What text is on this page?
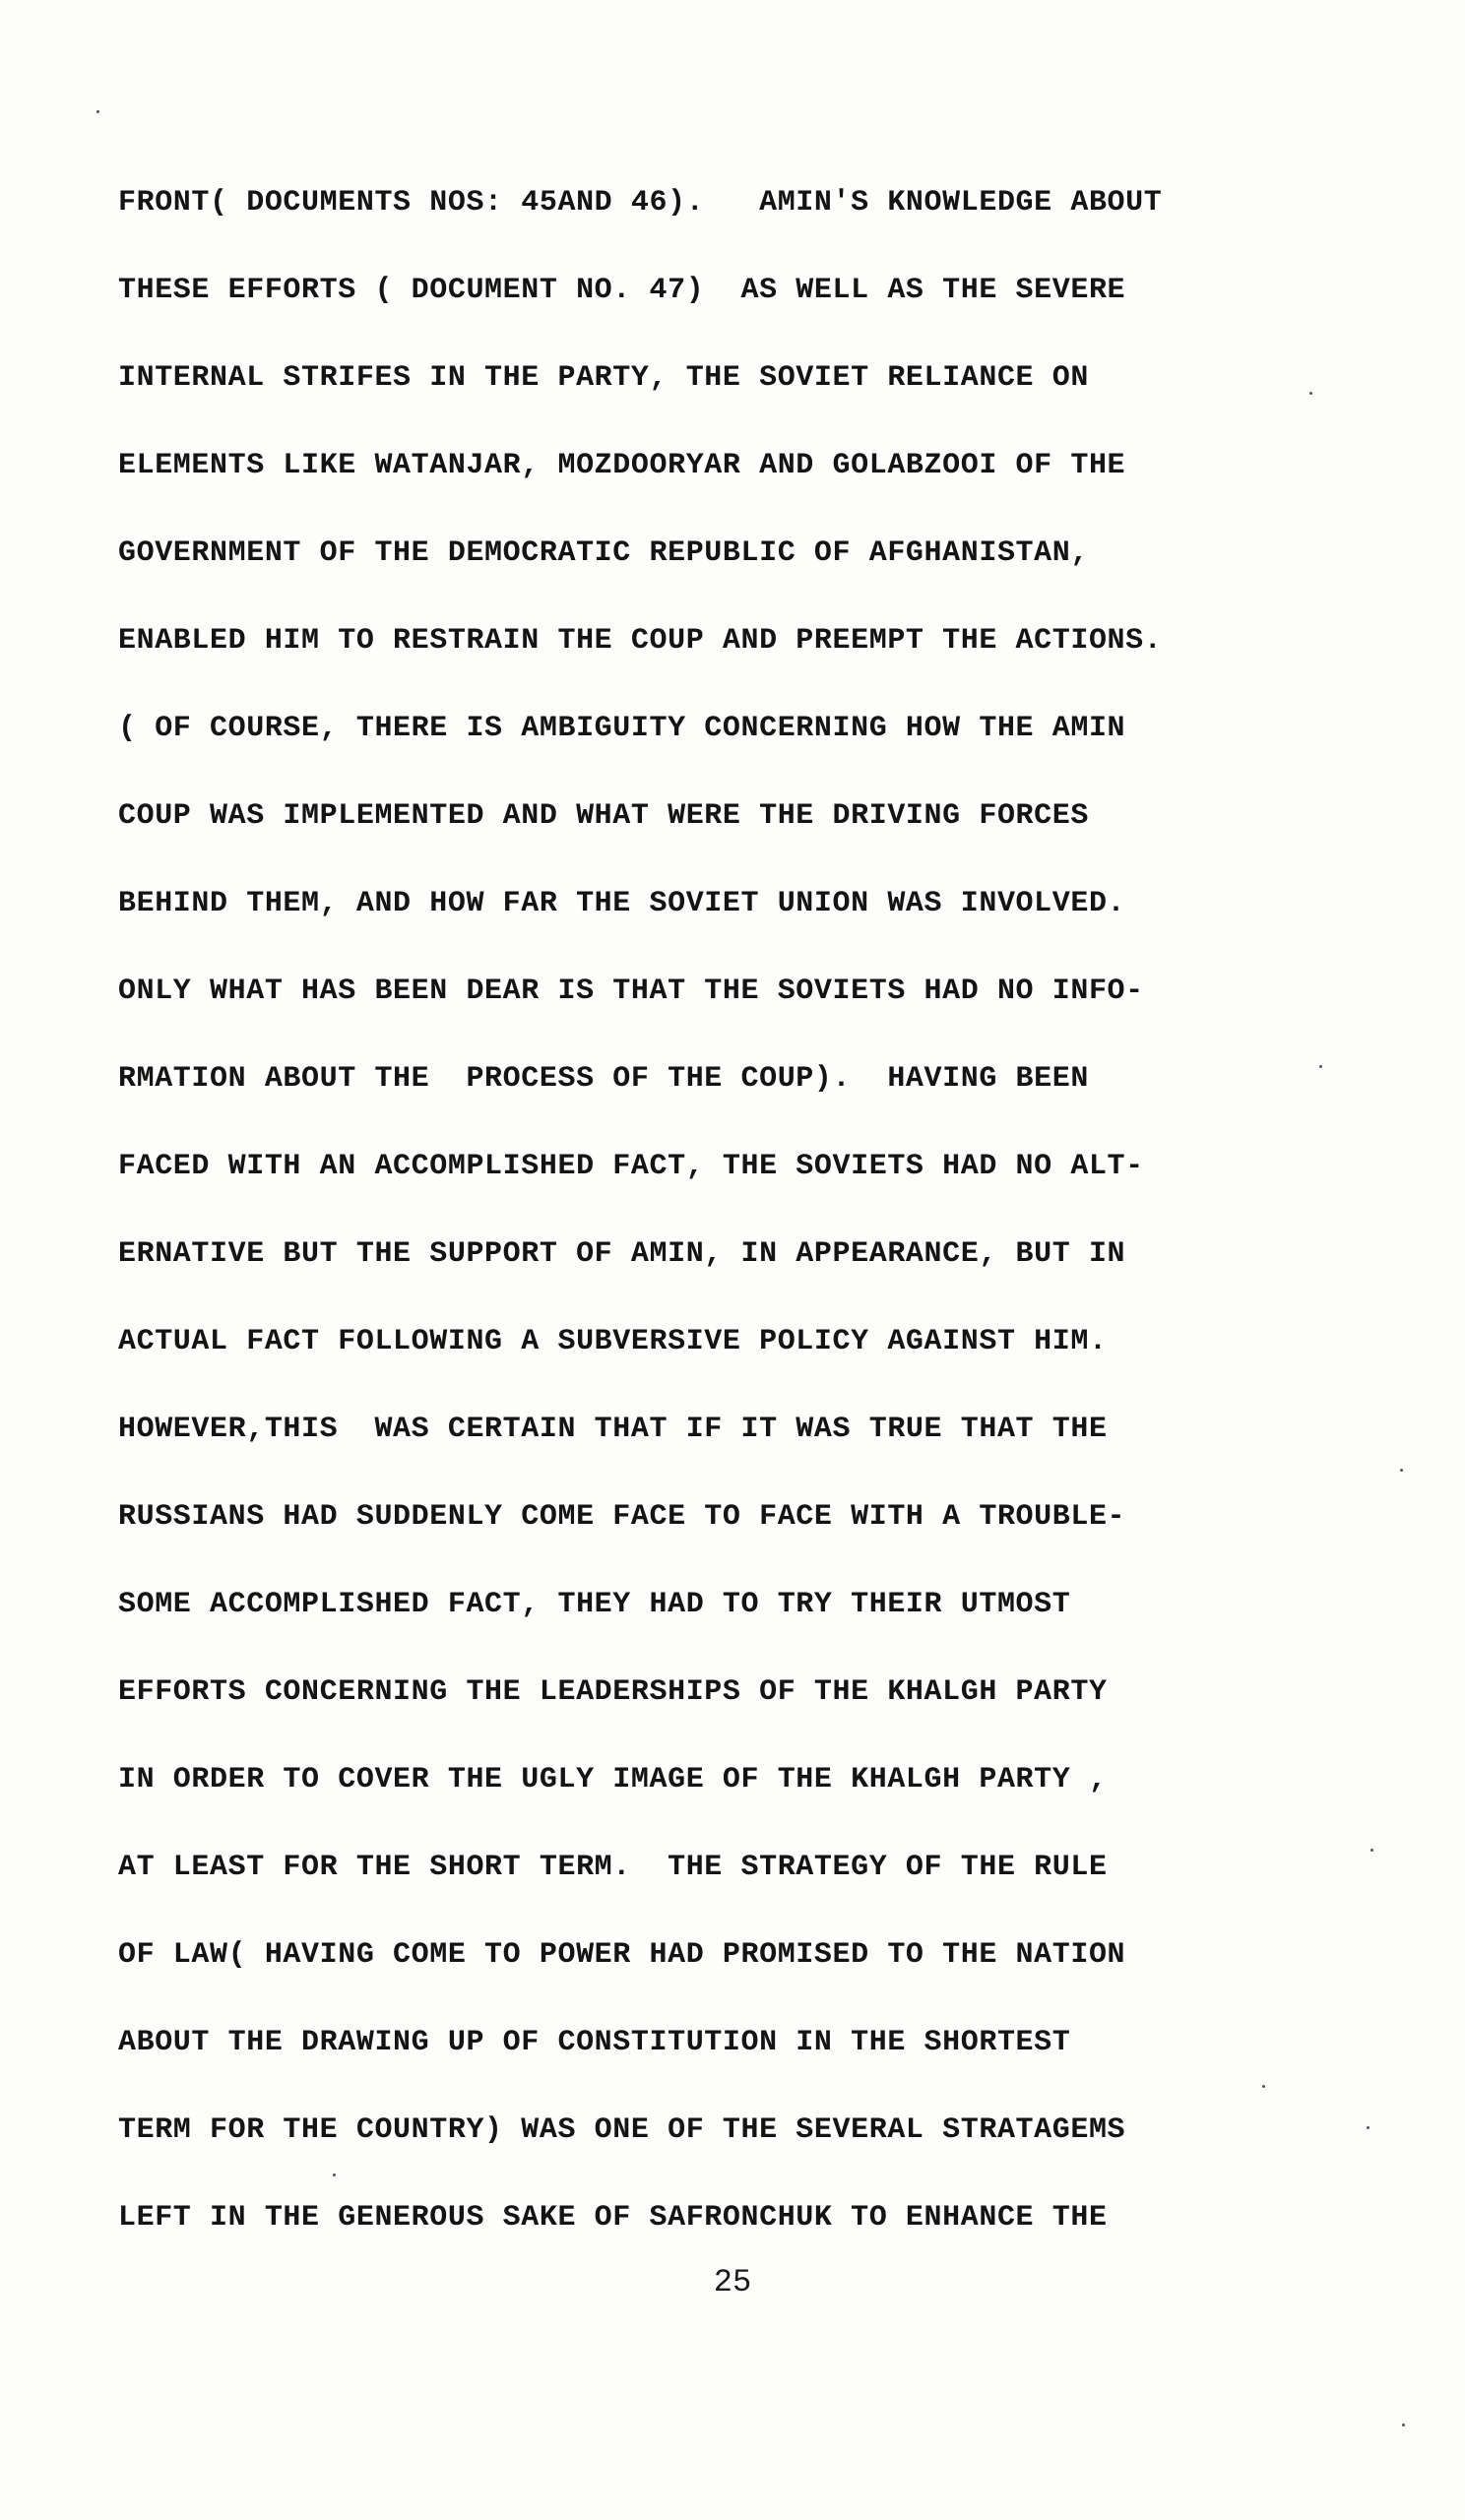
FRONT( DOCUMENTS NOS: 45AND 46).   AMIN'S KNOWLEDGE ABOUT
THESE EFFORTS ( DOCUMENT NO. 47)  AS WELL AS THE SEVERE
INTERNAL STRIFES IN THE PARTY, THE SOVIET RELIANCE ON
ELEMENTS LIKE WATANJAR, MOZDOORYAR AND GOLABZOOI OF THE
GOVERNMENT OF THE DEMOCRATIC REPUBLIC OF AFGHANISTAN,
ENABLED HIM TO RESTRAIN THE COUP AND PREEMPT THE ACTIONS.
( OF COURSE, THERE IS AMBIGUITY CONCERNING HOW THE AMIN
COUP WAS IMPLEMENTED AND WHAT WERE THE DRIVING FORCES
BEHIND THEM, AND HOW FAR THE SOVIET UNION WAS INVOLVED.
ONLY WHAT HAS BEEN DEAR IS THAT THE SOVIETS HAD NO INFO-
RMATION ABOUT THE  PROCESS OF THE COUP).  HAVING BEEN
FACED WITH AN ACCOMPLISHED FACT, THE SOVIETS HAD NO ALT-
ERNATIVE BUT THE SUPPORT OF AMIN, IN APPEARANCE, BUT IN
ACTUAL FACT FOLLOWING A SUBVERSIVE POLICY AGAINST HIM.
HOWEVER,THIS  WAS CERTAIN THAT IF IT WAS TRUE THAT THE
RUSSIANS HAD SUDDENLY COME FACE TO FACE WITH A TROUBLE-
SOME ACCOMPLISHED FACT, THEY HAD TO TRY THEIR UTMOST
EFFORTS CONCERNING THE LEADERSHIPS OF THE KHALGH PARTY
IN ORDER TO COVER THE UGLY IMAGE OF THE KHALGH PARTY ,
AT LEAST FOR THE SHORT TERM.  THE STRATEGY OF THE RULE
OF LAW( HAVING COME TO POWER HAD PROMISED TO THE NATION
ABOUT THE DRAWING UP OF CONSTITUTION IN THE SHORTEST
TERM FOR THE COUNTRY) WAS ONE OF THE SEVERAL STRATAGEMS
LEFT IN THE GENEROUS SAKE OF SAFRONCHUK TO ENHANCE THE
25
